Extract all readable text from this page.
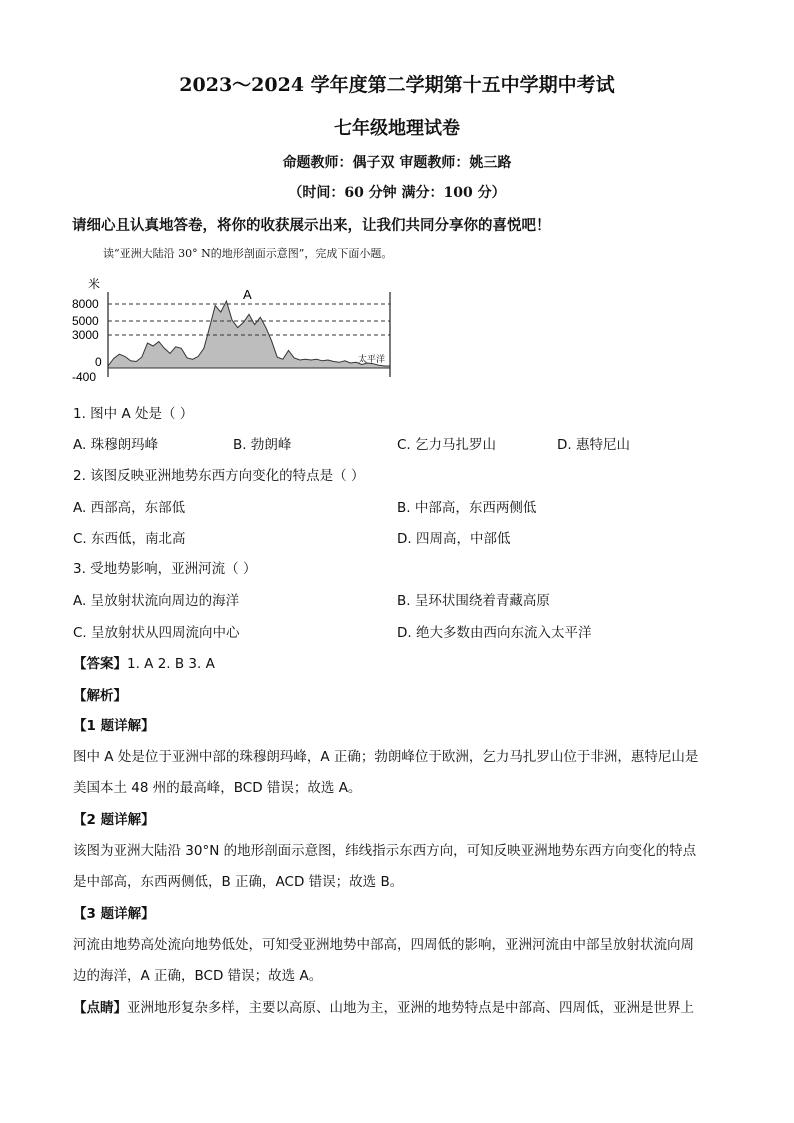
2023～2024 学年度第二学期第十五中学期中考试
七年级地理试卷
命题教师：偶子双 审题教师：姚三路
（时间：60 分钟 满分：100 分）
请细心且认真地答卷，将你的收获展示出来，让我们共同分享你的喜悦吧！
读“亚洲大陆沿 30° N的地形剖面示意图”，完成下面小题。
米
8000
5000
3000
0
-400
A
太平洋
1. 图中 A 处是（ ）
A. 珠穆朗玛峰	B. 勃朗峰	C. 乞力马扎罗山	D. 惠特尼山
2. 该图反映亚洲地势东西方向变化的特点是（ ）
A. 西部高，东部低	B. 中部高，东西两侧低
C. 东西低，南北高	D. 四周高，中部低
3. 受地势影响，亚洲河流（ ）
A. 呈放射状流向周边的海洋	B. 呈环状围绕着青藏高原
C. 呈放射状从四周流向中心	D. 绝大多数由西向东流入太平洋
【答案】1. A 2. B 3. A
【解析】
【1 题详解】
图中 A 处是位于亚洲中部的珠穆朗玛峰，A 正确；勃朗峰位于欧洲，乞力马扎罗山位于非洲，惠特尼山是
美国本土 48 州的最高峰，BCD 错误；故选 A。
【2 题详解】
该图为亚洲大陆沿 30°N 的地形剖面示意图，纬线指示东西方向，可知反映亚洲地势东西方向变化的特点
是中部高，东西两侧低，B 正确，ACD 错误；故选 B。
【3 题详解】
河流由地势高处流向地势低处，可知受亚洲地势中部高，四周低的影响，亚洲河流由中部呈放射状流向周
边的海洋，A 正确，BCD 错误；故选 A。
【点睛】亚洲地形复杂多样，主要以高原、山地为主，亚洲的地势特点是中部高、四周低，亚洲是世界上
